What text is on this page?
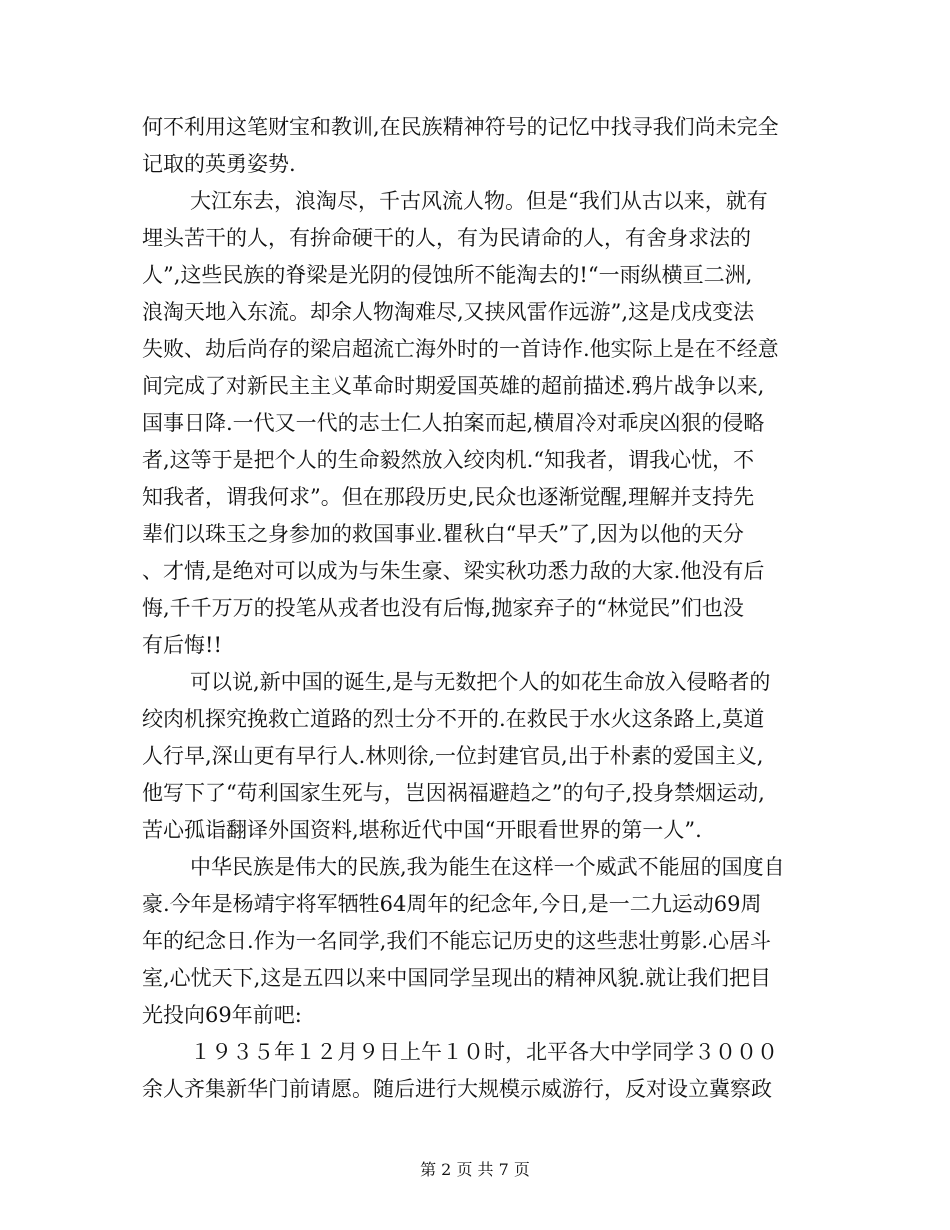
何不利用这笔财宝和教训,在民族精神符号的记忆中找寻我们尚未完全
记取的英勇姿势.
大江东去，浪淘尽，千古风流人物。但是“我们从古以来，就有
埋头苦干的人，有拚命硬干的人，有为民请命的人，有舍身求法的
人”,这些民族的脊梁是光阴的侵蚀所不能淘去的!“一雨纵横亘二洲,
浪淘天地入东流。却余人物淘难尽,又挟风雷作远游”,这是戊戌变法
失败、劫后尚存的梁启超流亡海外时的一首诗作.他实际上是在不经意
间完成了对新民主主义革命时期爱国英雄的超前描述.鸦片战争以来,
国事日降.一代又一代的志士仁人拍案而起,横眉冷对乖戾凶狠的侵略
者,这等于是把个人的生命毅然放入绞肉机.“知我者，谓我心忧，不
知我者，谓我何求”。但在那段历史,民众也逐渐觉醒,理解并支持先
辈们以珠玉之身参加的救国事业.瞿秋白“早夭”了,因为以他的天分
、才情,是绝对可以成为与朱生豪、梁实秋功悉力敌的大家.他没有后
悔,千千万万的投笔从戎者也没有后悔,抛家弃子的“林觉民”们也没
有后悔!!
可以说,新中国的诞生,是与无数把个人的如花生命放入侵略者的
绞肉机探究挽救亡道路的烈士分不开的.在救民于水火这条路上,莫道
人行早,深山更有早行人.林则徐,一位封建官员,出于朴素的爱国主义,
他写下了“苟利国家生死与，岂因祸福避趋之”的句子,投身禁烟运动,
苦心孤诣翻译外国资料,堪称近代中国“开眼看世界的第一人”.
中华民族是伟大的民族,我为能生在这样一个威武不能屈的国度自
豪.今年是杨靖宇将军牺牲64周年的纪念年,今日,是一二九运动69周
年的纪念日.作为一名同学,我们不能忘记历史的这些悲壮剪影.心居斗
室,心忧天下,这是五四以来中国同学呈现出的精神风貌.就让我们把目
光投向69年前吧:
１９３５年１２月９日上午１０时，北平各大中学同学３０００
余人齐集新华门前请愿。随后进行大规模示威游行，反对设立冀察政
第 2 页 共 7 页
